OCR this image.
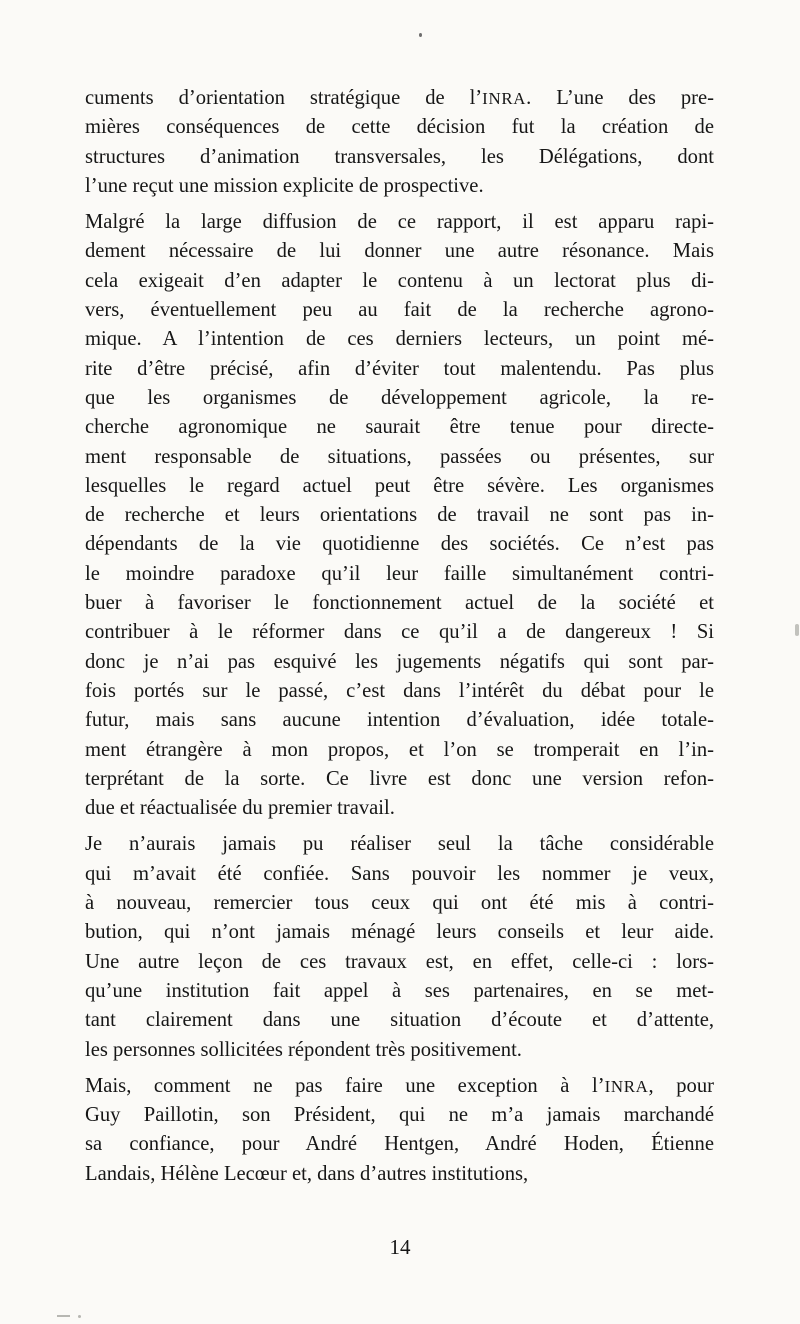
cuments d’orientation stratégique de l’INRA. L’une des pre-
mières conséquences de cette décision fut la création de
structures d’animation transversales, les Délégations, dont
l’une reçut une mission explicite de prospective.

Malgré la large diffusion de ce rapport, il est apparu rapi-
dement nécessaire de lui donner une autre résonance. Mais
cela exigeait d’en adapter le contenu à un lectorat plus di-
vers, éventuellement peu au fait de la recherche agrono-
mique. A l’intention de ces derniers lecteurs, un point mé-
rite d’être précisé, afin d’éviter tout malentendu. Pas plus
que les organismes de développement agricole, la re-
cherche agronomique ne saurait être tenue pour directe-
ment responsable de situations, passées ou présentes, sur
lesquelles le regard actuel peut être sévère. Les organismes
de recherche et leurs orientations de travail ne sont pas in-
dépendants de la vie quotidienne des sociétés. Ce n’est pas
le moindre paradoxe qu’il leur faille simultanément contri-
buer à favoriser le fonctionnement actuel de la société et
contribuer à le réformer dans ce qu’il a de dangereux ! Si
donc je n’ai pas esquivé les jugements négatifs qui sont par-
fois portés sur le passé, c’est dans l’intérêt du débat pour le
futur, mais sans aucune intention d’évaluation, idée totale-
ment étrangère à mon propos, et l’on se tromperait en l’in-
terprétant de la sorte. Ce livre est donc une version refon-
due et réactualisée du premier travail.

Je n’aurais jamais pu réaliser seul la tâche considérable
qui m’avait été confiée. Sans pouvoir les nommer je veux,
à nouveau, remercier tous ceux qui ont été mis à contri-
bution, qui n’ont jamais ménagé leurs conseils et leur aide.
Une autre leçon de ces travaux est, en effet, celle-ci : lors-
qu’une institution fait appel à ses partenaires, en se met-
tant clairement dans une situation d’écoute et d’attente,
les personnes sollicitées répondent très positivement.

Mais, comment ne pas faire une exception à l’INRA, pour
Guy Paillotin, son Président, qui ne m’a jamais marchandé
sa confiance, pour André Hentgen, André Hoden, Étienne
Landais, Hélène Lecœur et, dans d’autres institutions,

14
